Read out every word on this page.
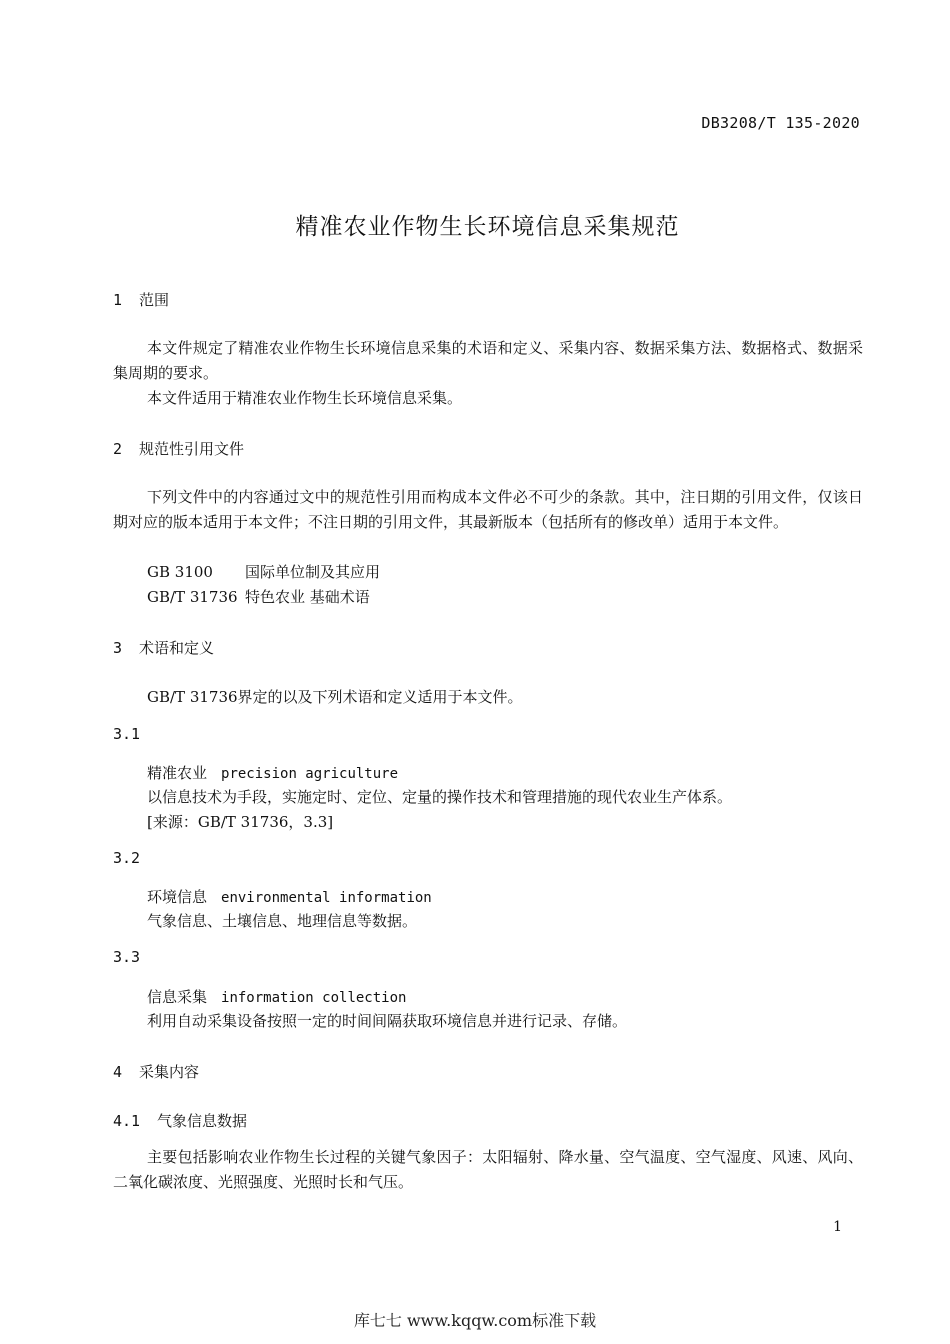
DB3208/T 135-2020
精准农业作物生长环境信息采集规范
1 范围
本文件规定了精准农业作物生长环境信息采集的术语和定义、采集内容、数据采集方法、数据格式、数据采集周期的要求。
本文件适用于精准农业作物生长环境信息采集。
2 规范性引用文件
下列文件中的内容通过文中的规范性引用而构成本文件必不可少的条款。其中，注日期的引用文件，仅该日期对应的版本适用于本文件；不注日期的引用文件，其最新版本（包括所有的修改单）适用于本文件。
GB 3100 国际单位制及其应用
GB/T 31736 特色农业 基础术语
3 术语和定义
GB/T 31736界定的以及下列术语和定义适用于本文件。
3.1
精准农业 precision agriculture
以信息技术为手段，实施定时、定位、定量的操作技术和管理措施的现代农业生产体系。
[来源：GB/T 31736，3.3]
3.2
环境信息 environmental information
气象信息、土壤信息、地理信息等数据。
3.3
信息采集 information collection
利用自动采集设备按照一定的时间间隔获取环境信息并进行记录、存储。
4 采集内容
4.1 气象信息数据
主要包括影响农业作物生长过程的关键气象因子：太阳辐射、降水量、空气温度、空气湿度、风速、风向、二氧化碳浓度、光照强度、光照时长和气压。
1
库七七 www.kqqw.com标准下载
